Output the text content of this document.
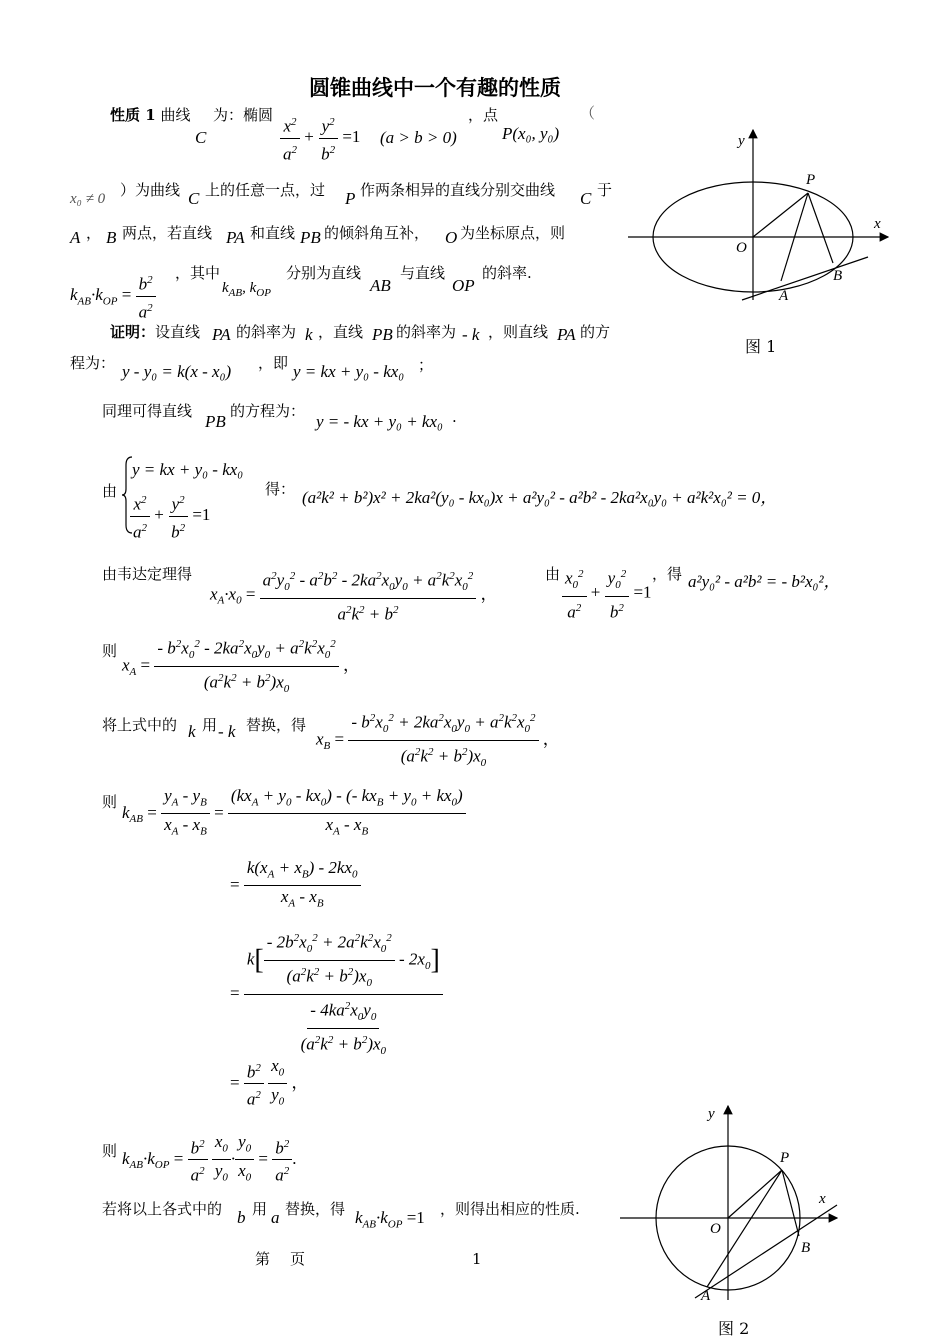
圆锥曲线中一个有趣的性质
性质 1 曲线
C
为：椭圆 $\frac{x^2}{a^2} + \frac{y^2}{b^2} =1$ (a > b > 0)
，点
P(x₀, y₀)
（
x₀ ≠ 0 ）为曲线 C 上的任意一点，过 P 作两条相异的直线分别交曲线 C 于
A ， B 两点，若直线 PA 和直线 PB 的倾斜角互补， O 为坐标原点，则
$k_{AB}\cdot k_{OP} = \frac{b^2}{a^2}$ ，其中
$k_{AB}$, $k_{OP}$
分别为直线
AB
与直线
OP
的斜率.
证明：设直线 PA 的斜率为 k ，直线 PB 的斜率为 - k ，则直线 PA 的方
程为： y - y₀ = k(x - x₀) ，即 y = kx + y₀ - kx₀ ；
同理可得直线
PB
的方程为：
y = - kx + y₀ + kx₀ .
由
y = kx + y₀ - kx₀
$\frac{x^2}{a^2} + \frac{y^2}{b^2} =1$
得： (a²k² + b²)x² + 2ka²(y₀ - kx₀)x + a²y₀² - a²b² - 2ka²x₀y₀ + a²k²x₀² = 0，
由韦达定理得
$x_A\cdot x_0 = \frac{a^2y_0^2 - a^2b^2 - 2ka^2x_0y_0 + a^2k^2x_0^2}{a^2k^2 + b^2}$ ，
由 $\frac{x_0^2}{a^2} + \frac{y_0^2}{b^2} =1$
，得 a²y₀² - a²b² = - b²x₀²，
则
$x_A = \frac{- b^2x_0^2 - 2ka^2x_0y_0 + a^2k^2x_0^2}{(a^2k^2 + b^2)x_0}$ ，
将上式中的 k 用 - k 替换，得
$x_B = \frac{- b^2x_0^2 + 2ka^2x_0y_0 + a^2k^2x_0^2}{(a^2k^2 + b^2)x_0}$ ，
则
$k_{AB} = \frac{y_A - y_B}{x_A - x_B} = \frac{(kx_A + y_0 - kx_0) - (- kx_B + y_0 + kx_0)}{x_A - x_B}$
= $\frac{k(x_A + x_B) - 2kx_0}{x_A - x_B}$
= $\frac{k[ \frac{- 2b^2x_0^2 + 2a^2k^2x_0^2}{(a^2k^2 + b^2)x_0} - 2x_0]}{\frac{- 4ka^2x_0y_0}{(a^2k^2 + b^2)x_0}}$
= $\frac{b^2}{a^2}$
$\frac{x_0}{y_0}$ ，
则 $k_{AB}\cdot k_{OP} = \frac{b^2}{a^2}$
$\frac{x_0}{y_0} \cdot \frac{y_0}{x_0} = \frac{b^2}{a^2}$ .
若将以上各式中的 b 用 a 替换，得 $k_{AB}\cdot k_{OP} =1$ ，则得出相应的性质.
第 页	1
y
x
O
P
A
B
图 1
y
x
O
P
A
B
图 2
